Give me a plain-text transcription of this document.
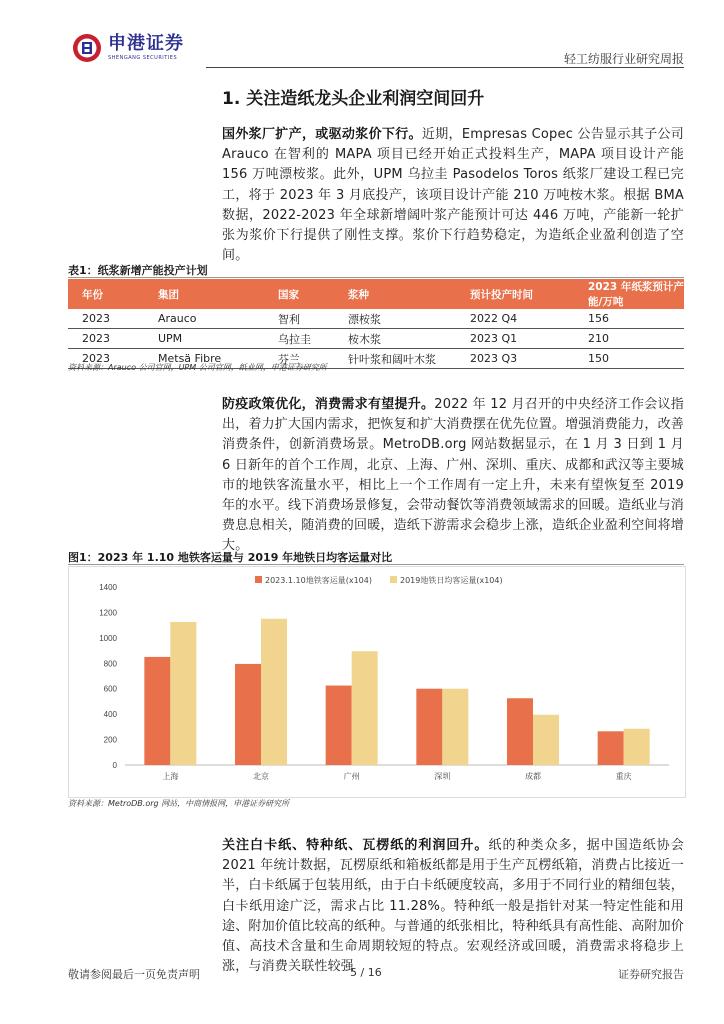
申港证券
SHENGANG SECURITIES	轻工纺服行业研究周报
1. 关注造纸龙头企业利润空间回升

国外浆厂扩产，或驱动浆价下行。近期，Empresas Copec 公告显示其子公司 Arauco 在智利的 MAPA 项目已经开始正式投料生产，MAPA 项目设计产能 156 万吨漂桉浆。此外，UPM 乌拉圭 Pasodelos Toros 纸浆厂建设工程已完工，将于 2023 年 3 月底投产，该项目设计产能 210 万吨桉木浆。根据 BMA 数据，2022-2023 年全球新增阔叶浆产能预计可达 446 万吨，产能新一轮扩张为浆价下行提供了刚性支撑。浆价下行趋势稳定，为造纸企业盈利创造了空间。

表1：纸浆新增产能投产计划
年份	集团	国家	浆种	预计投产时间	2023 年纸浆预计产能/万吨
2023	Arauco	智利	漂桉浆	2022 Q4	156
2023	UPM	乌拉圭	桉木浆	2023 Q1	210
2023	Metsä Fibre	芬兰	针叶浆和阔叶木浆	2023 Q3	150
资料来源：Arauco 公司官网，UPM 公司官网，纸业网，申港证券研究所

防疫政策优化，消费需求有望提升。2022 年 12 月召开的中央经济工作会议指出，着力扩大国内需求，把恢复和扩大消费摆在优先位置。增强消费能力，改善消费条件，创新消费场景。MetroDB.org 网站数据显示，在 1 月 3 日到 1 月 6 日新年的首个工作周，北京、上海、广州、深圳、重庆、成都和武汉等主要城市的地铁客流量水平，相比上一个工作周有一定上升，未来有望恢复至 2019 年的水平。线下消费场景修复，会带动餐饮等消费领域需求的回暖。造纸业与消费息息相关，随消费的回暖，造纸下游需求会稳步上涨，造纸企业盈利空间将增大。

图1：2023 年 1.10 地铁客运量与 2019 年地铁日均客运量对比
0
200
400
600
800
1000
1200
1400
上海	北京	广州	深圳	成都	重庆
2023.1.10地铁客运量(x104)	2019地铁日均客运量(x104)
资料来源：MetroDB.org 网站，中商情报网，申港证券研究所

关注白卡纸、特种纸、瓦楞纸的利润回升。纸的种类众多，据中国造纸协会 2021 年统计数据，瓦楞原纸和箱板纸都是用于生产瓦楞纸箱，消费占比接近一半，白卡纸属于包装用纸，由于白卡纸硬度较高，多用于不同行业的精细包装，白卡纸用途广泛，需求占比 11.28%。特种纸一般是指针对某一特定性能和用途、附加价值比较高的纸种。与普通的纸张相比，特种纸具有高性能、高附加价值、高技术含量和生命周期较短的特点。宏观经济或回暖，消费需求将稳步上涨，与消费关联性较强

敬请参阅最后一页免责声明	5 / 16	证券研究报告
